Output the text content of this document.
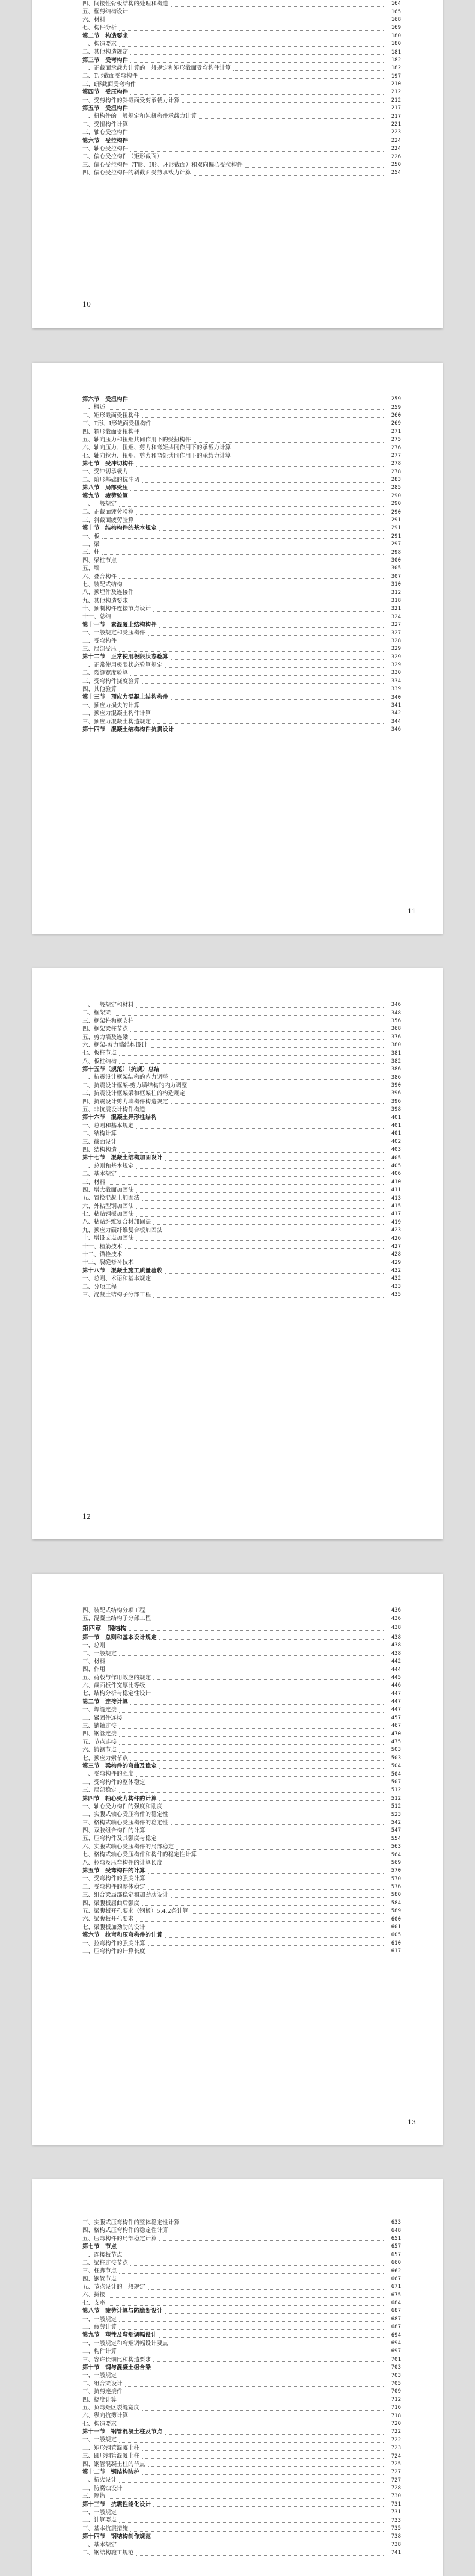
四、间接性骨板结构的处理和构造	164
五、框剪结构设计	165
六、材料	168
七、构件分析	169
第二节　构造要求	180
一、构造要求	180
二、其他构造规定	181
第三节　受弯构件	182
一、正截面承载力计算的一般规定和矩形截面受弯构件计算	182
二、T形截面受弯构件	197
三、I形截面受弯构件	210
第四节　受压构件	212
一、受剪构件的斜截面受剪承载力计算	212
第五节　受扭构件	217
一、扭构件的一般规定和纯扭构件承载力计算	217
二、受扭构件计算	221
三、轴心受拉构件	223
第六节　受拉构件	224
一、轴心受拉构件	224
二、偏心受拉构件（矩形截面）	226
三、偏心受拉构件（T形、I形、环形截面）和双向偏心受拉构件	250
四、偏心受拉构件的斜截面受剪承载力计算	254
10
第六节　受扭构件	259
一、概述	259
二、矩形截面受扭构件	260
三、T形、I形截面受扭构件	269
四、箱形截面受扭构件	271
五、轴向压力和扭矩共同作用下的受扭构件	275
六、轴向压力、扭矩、剪力和弯矩共同作用下的承载力计算	276
七、轴向拉力、扭矩、剪力和弯矩共同作用下的承载力计算	277
第七节　受冲切构件	278
一、受冲切承载力	278
二、阶形基础的抗冲切	283
第八节　局部受压	285
第九节　疲劳验算	290
一、一般规定	290
二、正截面疲劳验算	290
三、斜截面疲劳验算	291
第十节　结构构件的基本规定	291
一、板	291
二、梁	297
三、柱	298
四、梁柱节点	300
五、墙	305
六、叠合构件	307
七、装配式结构	310
八、预埋件及连接件	312
九、其他构造要求	318
十、预制构件连接节点设计	321
十一、总结	324
第十一节　素混凝土结构构件	327
一、一般规定和受压构件	327
二、受弯构件	328
三、局部受压	329
第十二节　正常使用极限状态验算	329
一、正常使用极限状态验算规定	329
二、裂缝宽度验算	330
三、受弯构件挠度验算	334
四、其他验算	339
第十三节　预应力混凝土结构构件	340
一、预应力损失的计算	341
二、预应力混凝土构件计算	342
三、预应力混凝土构造规定	344
第十四节　混凝土结构构件抗震设计	346
11
一、一般规定和材料	346
二、框架梁	348
三、框架柱和框支柱	356
四、框架梁柱节点	368
五、剪力墙及连梁	376
六、框架-剪力墙结构设计	380
七、板柱节点	381
八、板柱结构	382
第十五节（规范）（抗规）总结	386
一、抗震设计框架结构的内力调整	386
二、抗震设计框架-剪力墙结构的内力调整	390
三、抗震设计框架梁和框架柱的构造规定	396
四、抗震设计剪力墙构件构造规定	396
五、非抗震设计构件构造	398
第十六节　混凝土异形柱结构	401
一、总则和基本规定	401
二、结构计算	401
三、截面设计	402
四、结构构造	403
第十七节　混凝土结构加固设计	405
一、总则和基本规定	405
二、基本规定	406
三、材料	410
四、增大截面加固法	411
五、置换混凝土加固法	413
六、外粘型钢加固法	415
七、粘贴钢板加固法	417
八、粘贴纤维复合材加固法	419
九、预应力碳纤维复合板加固法	423
十、增设支点加固法	426
十一、植筋技术	427
十二、锚栓技术	428
十三、裂缝修补技术	429
第十八节　混凝土施工质量验收	432
一、总则、术语和基本规定	432
二、分项工程	433
三、混凝土结构子分部工程	435
12
四、装配式结构分项工程	436
五、混凝土结构子分部工程	436
第四章　钢结构	438
第一节　总则和基本设计规定	438
一、总则	438
二、一般规定	438
三、材料	442
四、作用	444
五、荷载与作用效应的规定	445
六、截面板件宽厚比等级	446
七、结构分析与稳定性设计	447
第二节　连接计算	447
一、焊缝连接	447
二、紧固件连接	457
三、销轴连接	467
四、钢管连接	470
五、节点连接	475
六、铸钢节点	503
七、预应力索节点	503
第三节　梁构件的弯曲及稳定	504
一、受弯构件的强度	504
二、受弯构件的整体稳定	507
三、局部稳定	512
第四节　轴心受力构件的计算	512
一、轴心受力构件的强度和刚度	512
二、实腹式轴心受压构件的稳定性	523
三、格构式轴心受压构件的稳定性	542
四、双肢组合构件的计算	547
五、压弯构件及其强度与稳定	554
六、实腹式轴心受压构件的局部稳定	563
七、格构式轴心受压构件和构件的稳定性计算	564
八、拉弯及压弯构件的计算长度	569
第五节　受弯构件的计算	570
一、受弯构件的强度计算	570
二、受弯构件的整体稳定	576
三、组合梁局部稳定和加劲肋设计	580
四、梁腹板屈曲后强度	584
五、梁腹板开孔要求（钢板）5.4.2条计算	589
六、梁腹板开孔要求	600
七、梁腹板加劲肋的设计	601
第六节　拉弯和压弯构件的计算	605
一、拉弯构件的强度计算	610
二、压弯构件的计算长度	617
13
三、实腹式压弯构件的整体稳定性计算	633
四、格构式压弯构件的稳定性计算	648
五、压弯构件的局部稳定计算	651
第七节　节点	657
一、连接板节点	657
二、梁柱连接节点	660
三、柱脚节点	662
四、钢管节点	667
五、节点设计的一般规定	671
六、拼接	675
七、支座	684
第八节　疲劳计算与防脆断设计	687
一、一般规定	687
二、疲劳计算	687
第九节　塑性及弯矩调幅设计	694
一、一般规定和弯矩调幅设计要点	694
二、构件计算	697
三、容许长细比和构造要求	701
第十节　钢与混凝土组合梁	703
一、一般规定	703
二、组合梁设计	705
三、抗剪连接件	709
四、挠度计算	712
五、负弯矩区裂缝宽度	716
六、纵向抗剪计算	718
七、构造要求	720
第十一节　钢管混凝土柱及节点	722
一、一般规定	722
二、矩形钢管混凝土柱	723
三、圆形钢管混凝土柱	724
四、钢管混凝土柱的节点	725
第十二节　钢结构防护	727
一、抗火设计	727
二、防腐蚀设计	728
三、隔热	730
第十三节　抗震性能化设计	731
一、一般规定	731
二、计算要点	733
三、基本抗震措施	735
第十四节　钢结构制作规范	738
一、基本规定	738
二、钢结构施工规范	741
